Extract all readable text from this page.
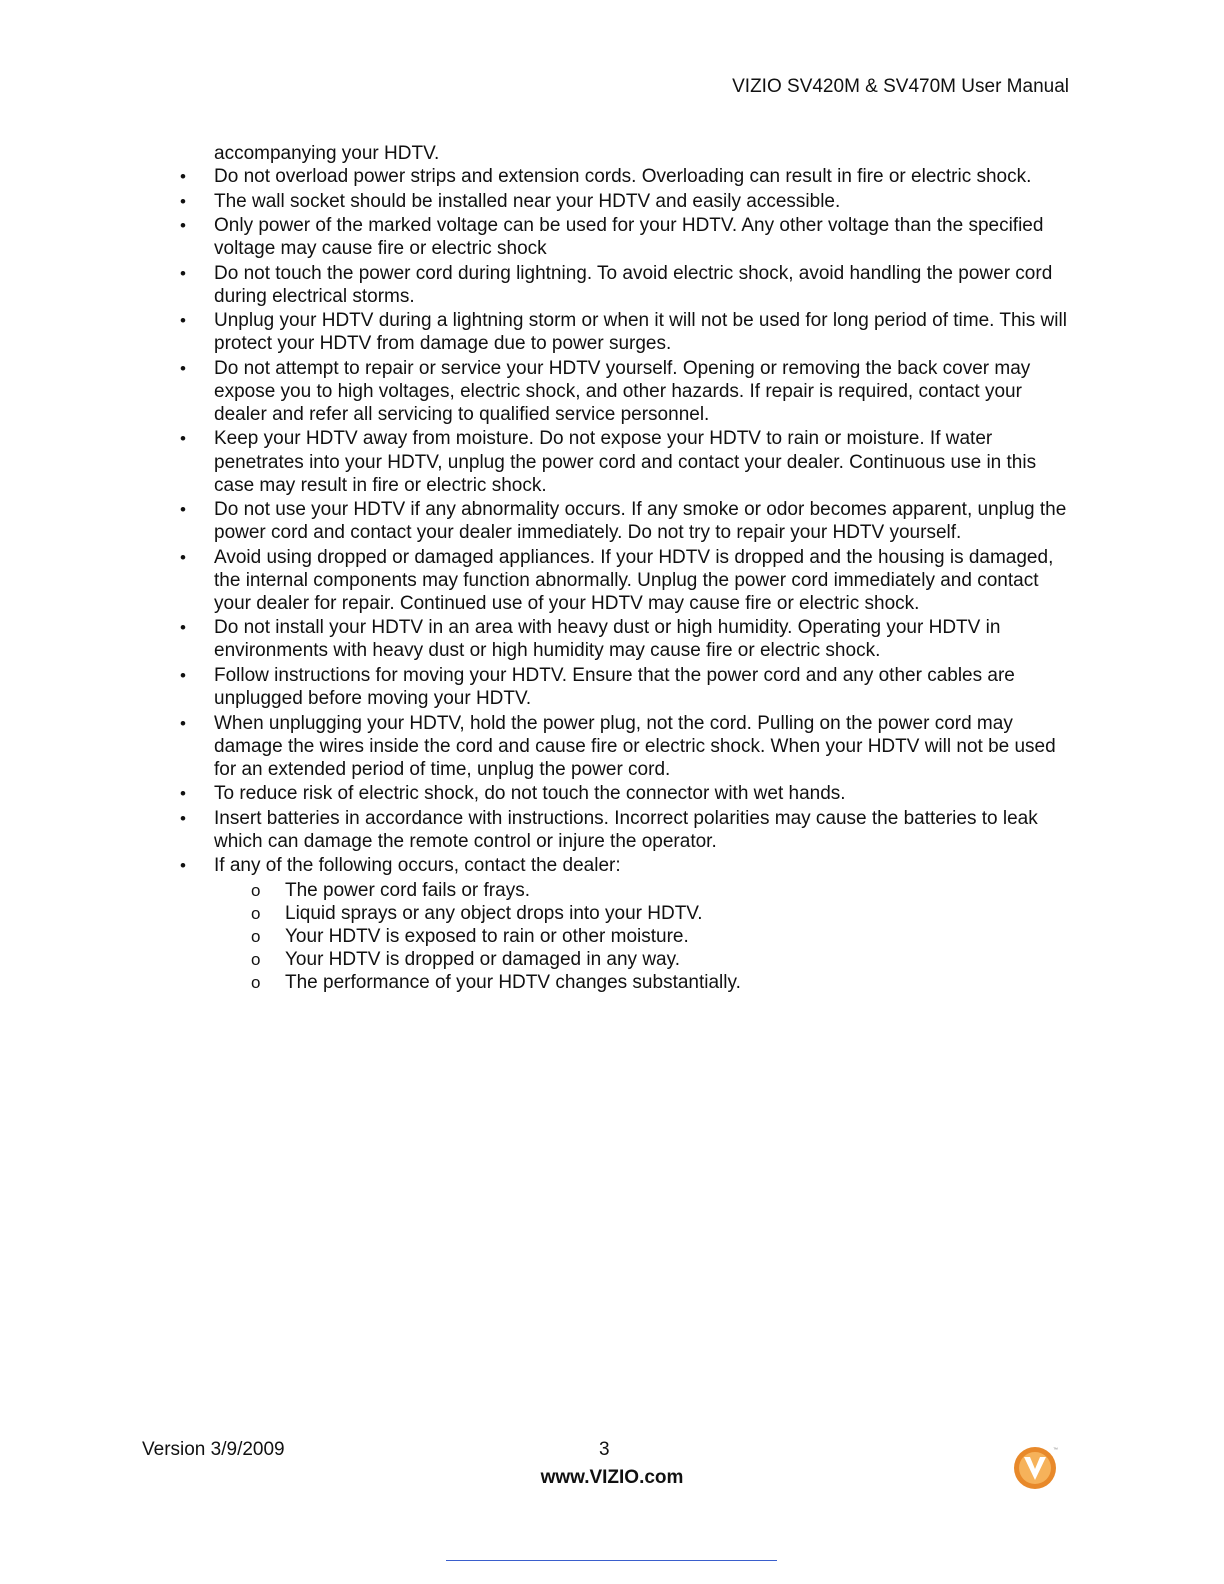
VIZIO SV420M & SV470M User Manual

accompanying your HDTV.

• Do not overload power strips and extension cords. Overloading can result in fire or electric shock.
• The wall socket should be installed near your HDTV and easily accessible.
• Only power of the marked voltage can be used for your HDTV. Any other voltage than the specified voltage may cause fire or electric shock
• Do not touch the power cord during lightning. To avoid electric shock, avoid handling the power cord during electrical storms.
• Unplug your HDTV during a lightning storm or when it will not be used for long period of time. This will protect your HDTV from damage due to power surges.
• Do not attempt to repair or service your HDTV yourself. Opening or removing the back cover may expose you to high voltages, electric shock, and other hazards. If repair is required, contact your dealer and refer all servicing to qualified service personnel.
• Keep your HDTV away from moisture. Do not expose your HDTV to rain or moisture. If water penetrates into your HDTV, unplug the power cord and contact your dealer. Continuous use in this case may result in fire or electric shock.
• Do not use your HDTV if any abnormality occurs. If any smoke or odor becomes apparent, unplug the power cord and contact your dealer immediately. Do not try to repair your HDTV yourself.
• Avoid using dropped or damaged appliances. If your HDTV is dropped and the housing is damaged, the internal components may function abnormally. Unplug the power cord immediately and contact your dealer for repair. Continued use of your HDTV may cause fire or electric shock.
• Do not install your HDTV in an area with heavy dust or high humidity. Operating your HDTV in environments with heavy dust or high humidity may cause fire or electric shock.
• Follow instructions for moving your HDTV. Ensure that the power cord and any other cables are unplugged before moving your HDTV.
• When unplugging your HDTV, hold the power plug, not the cord. Pulling on the power cord may damage the wires inside the cord and cause fire or electric shock. When your HDTV will not be used for an extended period of time, unplug the power cord.
• To reduce risk of electric shock, do not touch the connector with wet hands.
• Insert batteries in accordance with instructions. Incorrect polarities may cause the batteries to leak which can damage the remote control or injure the operator.
• If any of the following occurs, contact the dealer:
o The power cord fails or frays.
o Liquid sprays or any object drops into your HDTV.
o Your HDTV is exposed to rain or other moisture.
o Your HDTV is dropped or damaged in any way.
o The performance of your HDTV changes substantially.
Version 3/9/2009	3
www.VIZIO.com
™
